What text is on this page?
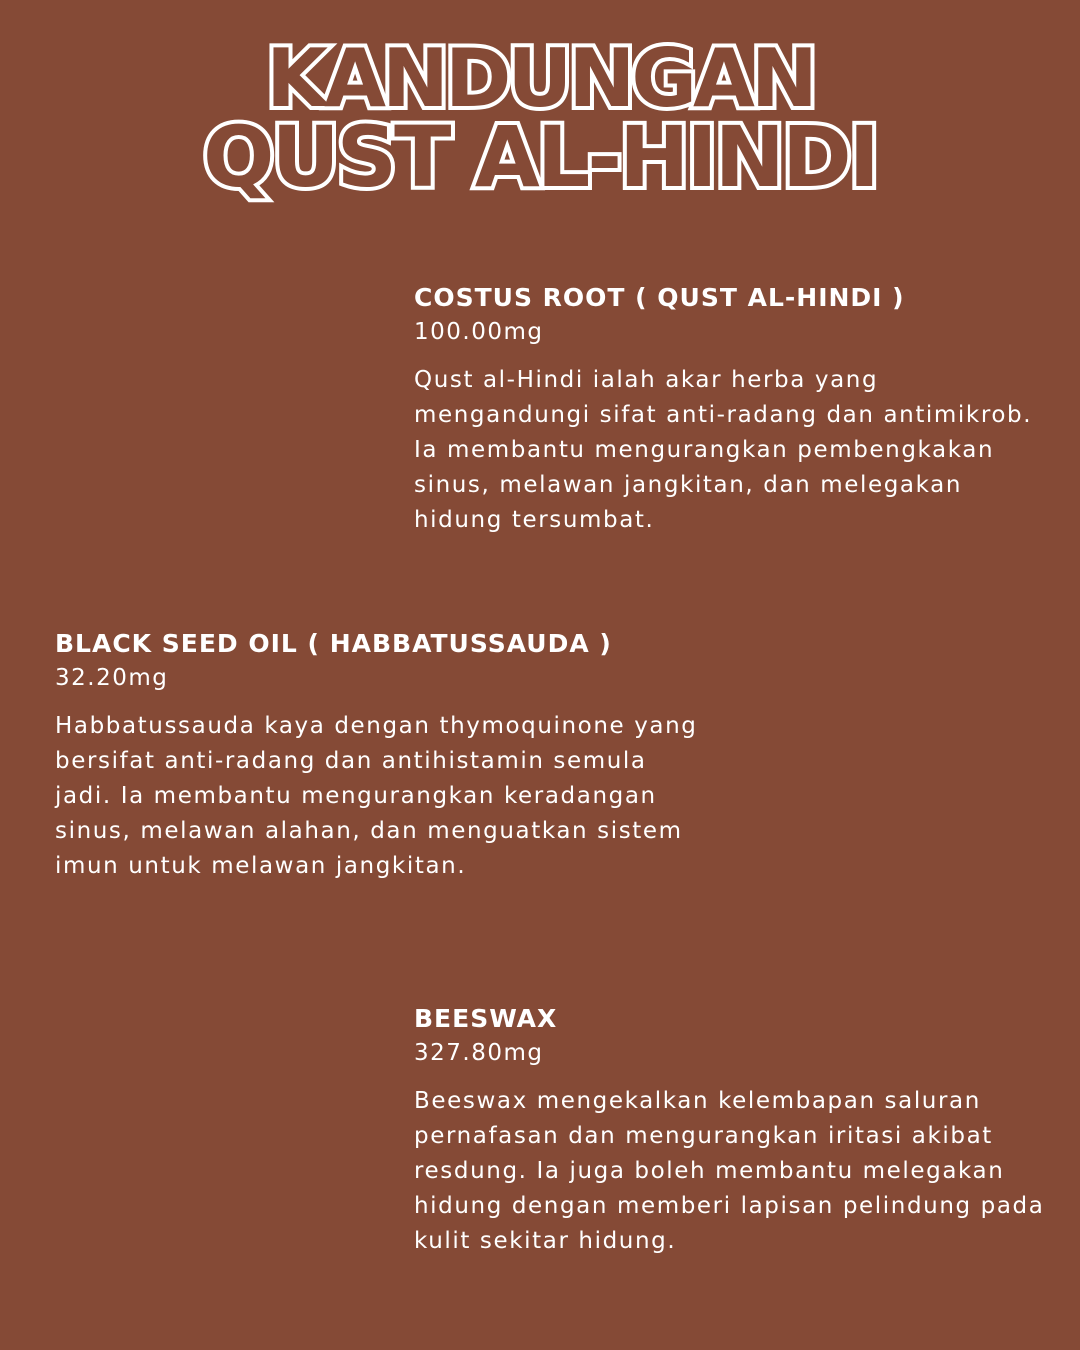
KANDUNGAN
QUST AL-HINDI
COSTUS ROOT ( QUST AL-HINDI )

100.00mg

Qust al-Hindi ialah akar herba yang mengandungi sifat anti-radang dan antimikrob. Ia membantu mengurangkan pembengkakan sinus, melawan jangkitan, dan melegakan hidung tersumbat.

BLACK SEED OIL ( HABBATUSSAUDA )

32.20mg

Habbatussauda kaya dengan thymoquinone yang bersifat anti-radang dan antihistamin semula jadi. Ia membantu mengurangkan keradangan sinus, melawan alahan, dan menguatkan sistem imun untuk melawan jangkitan.

BEESWAX

327.80mg

Beeswax mengekalkan kelembapan saluran pernafasan dan mengurangkan iritasi akibat resdung. Ia juga boleh membantu melegakan hidung dengan memberi lapisan pelindung pada kulit sekitar hidung.
